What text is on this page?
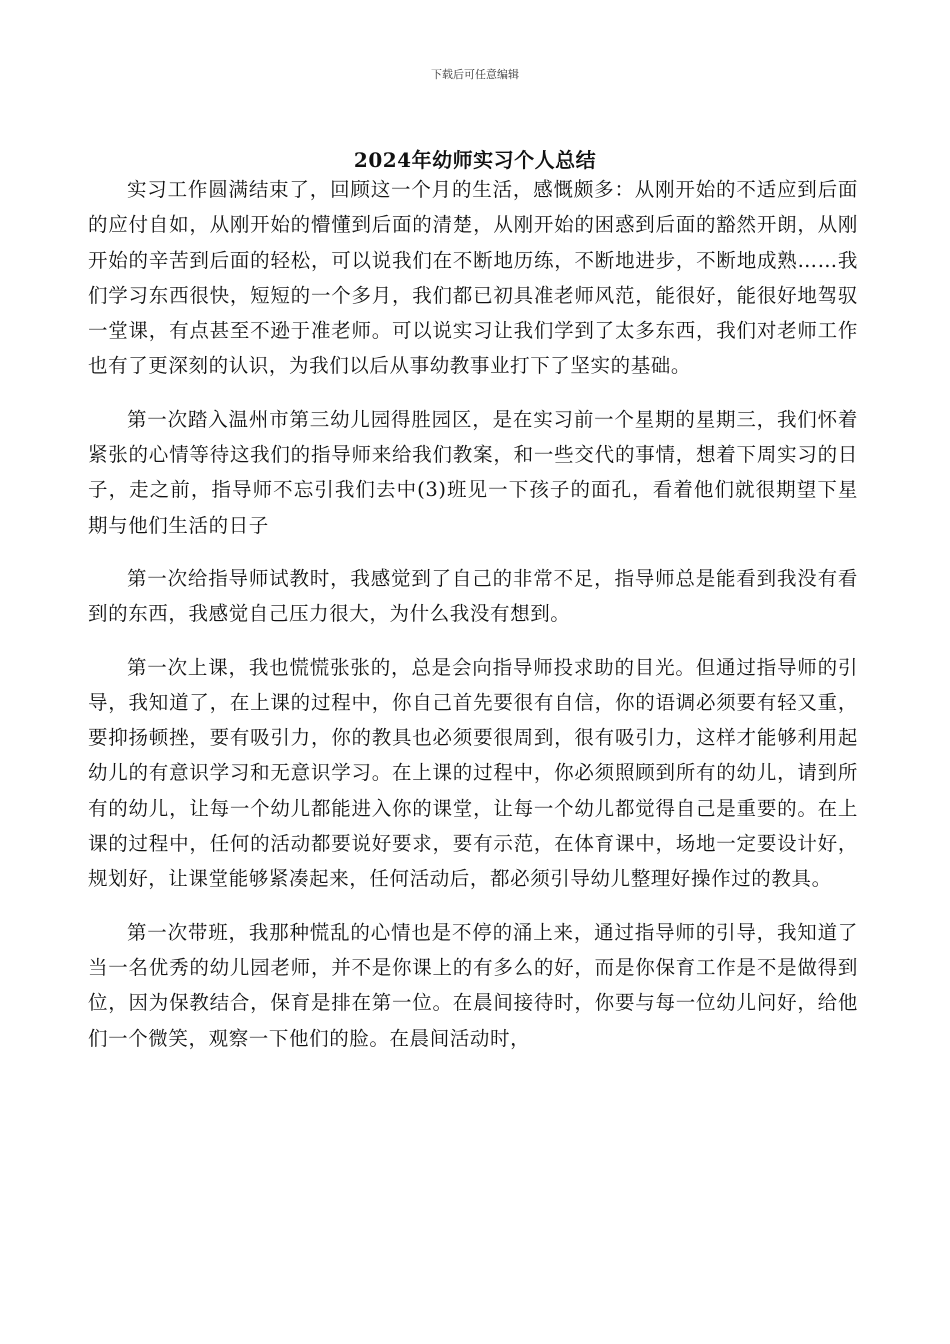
下载后可任意编辑
2024年幼师实习个人总结

实习工作圆满结束了，回顾这一个月的生活，感慨颇多：从刚开始的不适应到后面的应付自如，从刚开始的懵懂到后面的清楚，从刚开始的困惑到后面的豁然开朗，从刚开始的辛苦到后面的轻松，可以说我们在不断地历练，不断地进步，不断地成熟……我们学习东西很快，短短的一个多月，我们都已初具准老师风范，能很好，能很好地驾驭一堂课，有点甚至不逊于准老师。可以说实习让我们学到了太多东西，我们对老师工作也有了更深刻的认识，为我们以后从事幼教事业打下了坚实的基础。

第一次踏入温州市第三幼儿园得胜园区，是在实习前一个星期的星期三，我们怀着紧张的心情等待这我们的指导师来给我们教案，和一些交代的事情，想着下周实习的日子，走之前，指导师不忘引我们去中(3)班见一下孩子的面孔，看着他们就很期望下星期与他们生活的日子

第一次给指导师试教时，我感觉到了自己的非常不足，指导师总是能看到我没有看到的东西，我感觉自己压力很大，为什么我没有想到。

第一次上课，我也慌慌张张的，总是会向指导师投求助的目光。但通过指导师的引导，我知道了，在上课的过程中，你自己首先要很有自信，你的语调必须要有轻又重，要抑扬顿挫，要有吸引力，你的教具也必须要很周到，很有吸引力，这样才能够利用起幼儿的有意识学习和无意识学习。在上课的过程中，你必须照顾到所有的幼儿，请到所有的幼儿，让每一个幼儿都能进入你的课堂，让每一个幼儿都觉得自己是重要的。在上课的过程中，任何的活动都要说好要求，要有示范，在体育课中，场地一定要设计好，规划好，让课堂能够紧凑起来，任何活动后，都必须引导幼儿整理好操作过的教具。

第一次带班，我那种慌乱的心情也是不停的涌上来，通过指导师的引导，我知道了当一名优秀的幼儿园老师，并不是你课上的有多么的好，而是你保育工作是不是做得到位，因为保教结合，保育是排在第一位。在晨间接待时，你要与每一位幼儿问好，给他们一个微笑，观察一下他们的脸。在晨间活动时，
